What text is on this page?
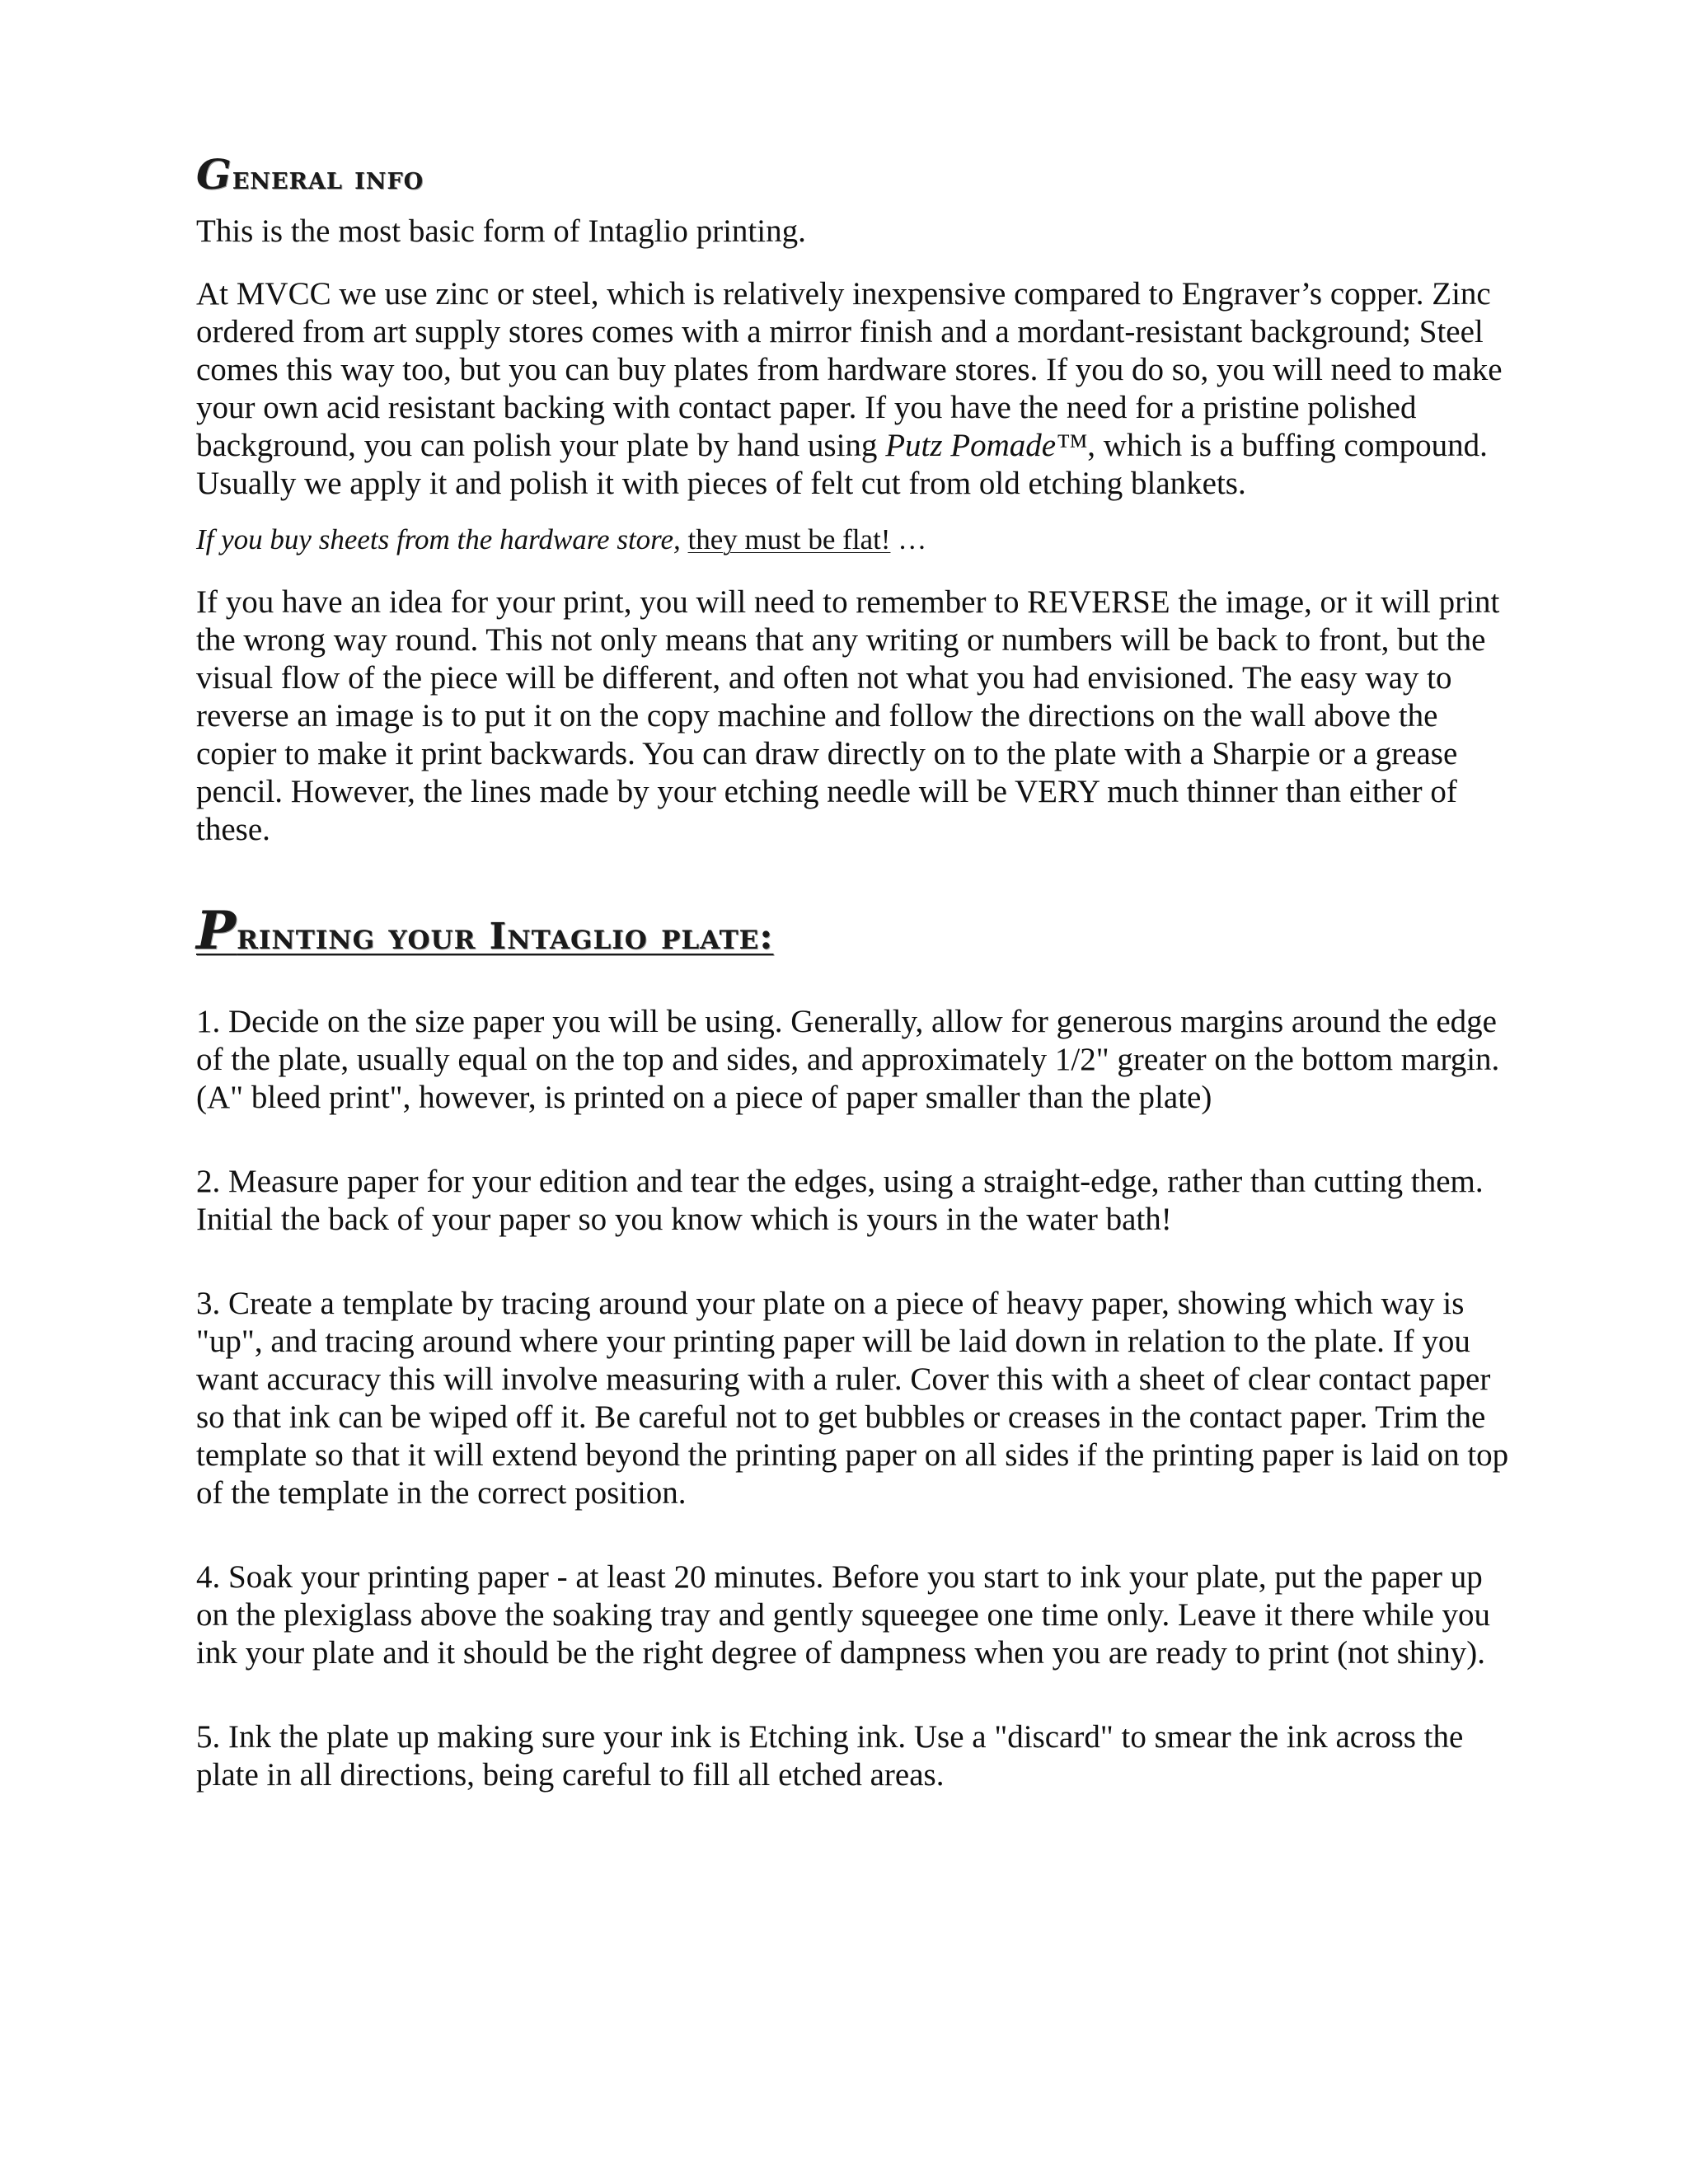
General info

This is the most basic form of Intaglio printing.

At MVCC we use zinc or steel, which is relatively inexpensive compared to Engraver’s copper. Zinc ordered from art supply stores comes with a mirror finish and a mordant-resistant background; Steel comes this way too, but you can buy plates from hardware stores. If you do so, you will need to make your own acid resistant backing with contact paper. If you have the need for a pristine polished background, you can polish your plate by hand using Putz Pomade™, which is a buffing compound. Usually we apply it and polish it with pieces of felt cut from old etching blankets.

If you buy sheets from the hardware store, they must be flat! …

If you have an idea for your print, you will need to remember to REVERSE the image, or it will print the wrong way round. This not only means that any writing or numbers will be back to front, but the visual flow of the piece will be different, and often not what you had envisioned. The easy way to reverse an image is to put it on the copy machine and follow the directions on the wall above the copier to make it print backwards. You can draw directly on to the plate with a Sharpie or a grease pencil. However, the lines made by your etching needle will be VERY much thinner than either of these.

Printing your Intaglio plate:

1. Decide on the size paper you will be using. Generally, allow for generous margins around the edge of the plate, usually equal on the top and sides, and approximately 1/2" greater on the bottom margin. (A" bleed print", however, is printed on a piece of paper smaller than the plate)

2. Measure paper for your edition and tear the edges, using a straight-edge, rather than cutting them. Initial the back of your paper so you know which is yours in the water bath!

3. Create a template by tracing around your plate on a piece of heavy paper, showing which way is "up", and tracing around where your printing paper will be laid down in relation to the plate. If you want accuracy this will involve measuring with a ruler. Cover this with a sheet of clear contact paper so that ink can be wiped off it. Be careful not to get bubbles or creases in the contact paper. Trim the template so that it will extend beyond the printing paper on all sides if the printing paper is laid on top of the template in the correct position.

4. Soak your printing paper - at least 20 minutes. Before you start to ink your plate, put the paper up on the plexiglass above the soaking tray and gently squeegee one time only. Leave it there while you ink your plate and it should be the right degree of dampness when you are ready to print (not shiny).

5. Ink the plate up making sure your ink is Etching ink. Use a "discard" to smear the ink across the plate in all directions, being careful to fill all etched areas.
